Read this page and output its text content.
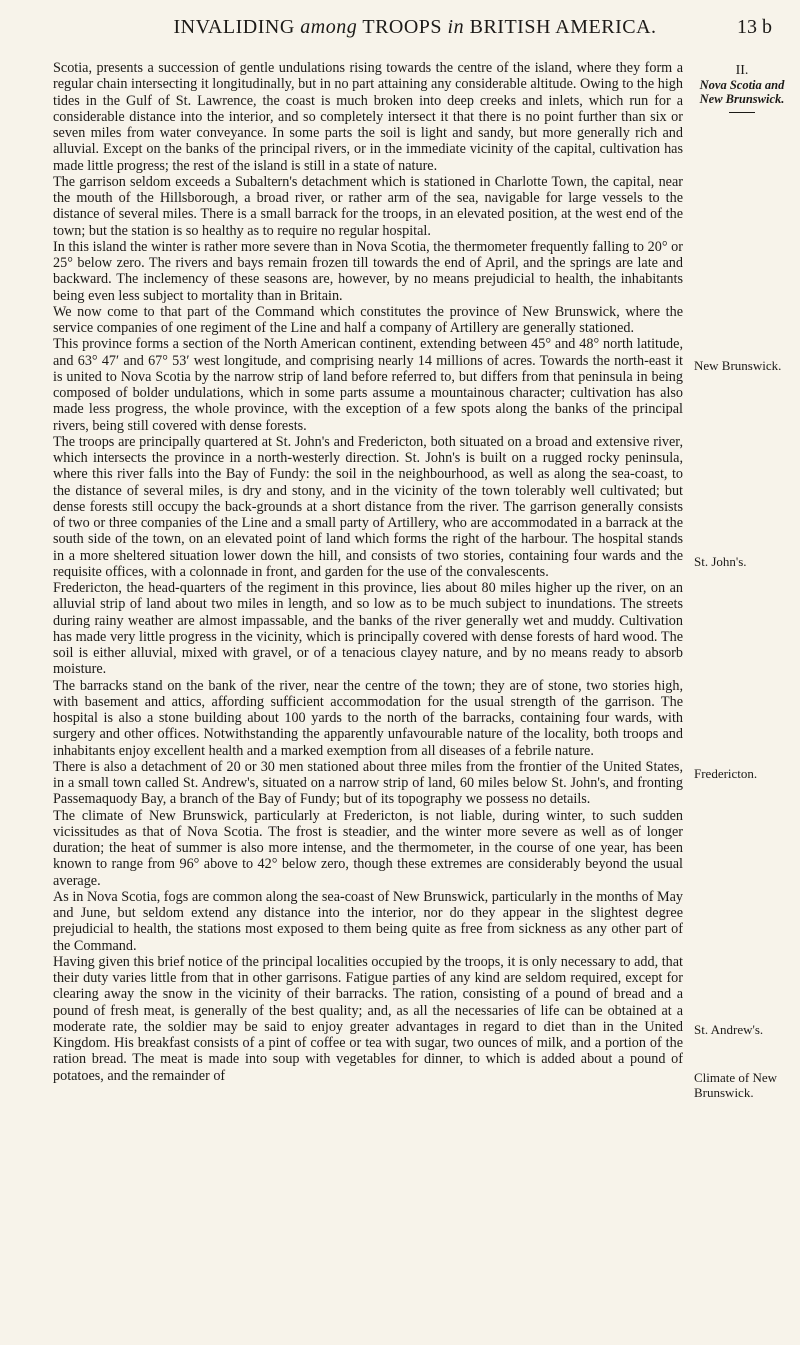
INVALIDING among TROOPS in BRITISH AMERICA.	13 b

Scotia, presents a succession of gentle undulations rising towards the centre of the island, where they form a regular chain intersecting it longitudinally, but in no part attaining any considerable altitude. Owing to the high tides in the Gulf of St. Lawrence, the coast is much broken into deep creeks and inlets, which run for a considerable distance into the interior, and so completely intersect it that there is no point further than six or seven miles from water conveyance. In some parts the soil is light and sandy, but more generally rich and alluvial. Except on the banks of the principal rivers, or in the immediate vicinity of the capital, cultivation has made little progress; the rest of the island is still in a state of nature.

The garrison seldom exceeds a Subaltern's detachment which is stationed in Charlotte Town, the capital, near the mouth of the Hillsborough, a broad river, or rather arm of the sea, navigable for large vessels to the distance of several miles. There is a small barrack for the troops, in an elevated position, at the west end of the town; but the station is so healthy as to require no regular hospital.

In this island the winter is rather more severe than in Nova Scotia, the thermometer frequently falling to 20° or 25° below zero. The rivers and bays remain frozen till towards the end of April, and the springs are late and backward. The inclemency of these seasons are, however, by no means prejudicial to health, the inhabitants being even less subject to mortality than in Britain.

We now come to that part of the Command which constitutes the province of New Brunswick, where the service companies of one regiment of the Line and half a company of Artillery are generally stationed.

This province forms a section of the North American continent, extending between 45° and 48° north latitude, and 63° 47′ and 67° 53′ west longitude, and comprising nearly 14 millions of acres. Towards the north-east it is united to Nova Scotia by the narrow strip of land before referred to, but differs from that peninsula in being composed of bolder undulations, which in some parts assume a mountainous character; cultivation has also made less progress, the whole province, with the exception of a few spots along the banks of the principal rivers, being still covered with dense forests.

The troops are principally quartered at St. John's and Fredericton, both situated on a broad and extensive river, which intersects the province in a north-westerly direction. St. John's is built on a rugged rocky peninsula, where this river falls into the Bay of Fundy: the soil in the neighbourhood, as well as along the sea-coast, to the distance of several miles, is dry and stony, and in the vicinity of the town tolerably well cultivated; but dense forests still occupy the back-grounds at a short distance from the river. The garrison generally consists of two or three companies of the Line and a small party of Artillery, who are accommodated in a barrack at the south side of the town, on an elevated point of land which forms the right of the harbour. The hospital stands in a more sheltered situation lower down the hill, and consists of two stories, containing four wards and the requisite offices, with a colonnade in front, and garden for the use of the convalescents.

Fredericton, the head-quarters of the regiment in this province, lies about 80 miles higher up the river, on an alluvial strip of land about two miles in length, and so low as to be much subject to inundations. The streets during rainy weather are almost impassable, and the banks of the river generally wet and muddy. Cultivation has made very little progress in the vicinity, which is principally covered with dense forests of hard wood. The soil is either alluvial, mixed with gravel, or of a tenacious clayey nature, and by no means ready to absorb moisture.

The barracks stand on the bank of the river, near the centre of the town; they are of stone, two stories high, with basement and attics, affording sufficient accommodation for the usual strength of the garrison. The hospital is also a stone building about 100 yards to the north of the barracks, containing four wards, with surgery and other offices. Notwithstanding the apparently unfavourable nature of the locality, both troops and inhabitants enjoy excellent health and a marked exemption from all diseases of a febrile nature.

There is also a detachment of 20 or 30 men stationed about three miles from the frontier of the United States, in a small town called St. Andrew's, situated on a narrow strip of land, 60 miles below St. John's, and fronting Passemaquody Bay, a branch of the Bay of Fundy; but of its topography we possess no details.

The climate of New Brunswick, particularly at Fredericton, is not liable, during winter, to such sudden vicissitudes as that of Nova Scotia. The frost is steadier, and the winter more severe as well as of longer duration; the heat of summer is also more intense, and the thermometer, in the course of one year, has been known to range from 96° above to 42° below zero, though these extremes are considerably beyond the usual average.

As in Nova Scotia, fogs are common along the sea-coast of New Brunswick, particularly in the months of May and June, but seldom extend any distance into the interior, nor do they appear in the slightest degree prejudicial to health, the stations most exposed to them being quite as free from sickness as any other part of the Command.

Having given this brief notice of the principal localities occupied by the troops, it is only necessary to add, that their duty varies little from that in other garrisons. Fatigue parties of any kind are seldom required, except for clearing away the snow in the vicinity of their barracks. The ration, consisting of a pound of bread and a pound of fresh meat, is generally of the best quality; and, as all the necessaries of life can be obtained at a moderate rate, the soldier may be said to enjoy greater advantages in regard to diet than in the United Kingdom. His breakfast consists of a pint of coffee or tea with sugar, two ounces of milk, and a portion of the ration bread. The meat is made into soup with vegetables for dinner, to which is added about a pound of potatoes, and the remainder of

II.
Nova Scotia and New Brunswick.
New Brunswick.
St. John's.
Fredericton.
St. Andrew's.
Climate of New Brunswick.
